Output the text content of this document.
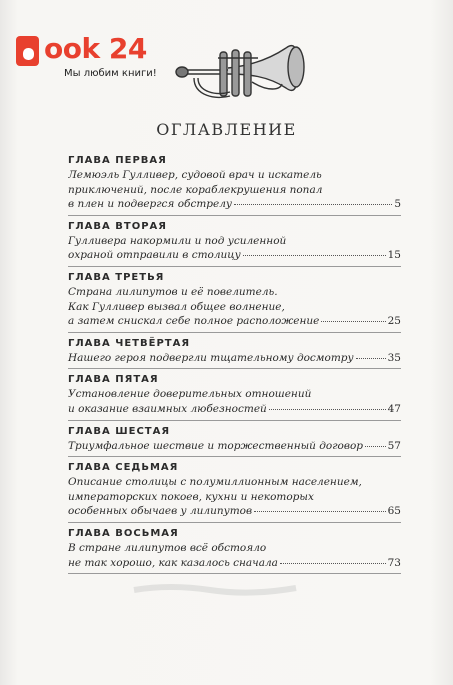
ook 24
Мы любим книги!
ОГЛАВЛЕНИЕ
ГЛАВА ПЕРВАЯ
Лемюэль Гулливер, судовой врач и искатель
приключений, после кораблекрушения попал
в плен и подвергся обстрелу	5
ГЛАВА ВТОРАЯ
Гулливера накормили и под усиленной
охраной отправили в столицу	15
ГЛАВА ТРЕТЬЯ
Страна лилипутов и её повелитель.
Как Гулливер вызвал общее волнение,
а затем снискал себе полное расположение	25
ГЛАВА ЧЕТВЁРТАЯ
Нашего героя подвергли тщательному досмотру	35
ГЛАВА ПЯТАЯ
Установление доверительных отношений
и оказание взаимных любезностей	47
ГЛАВА ШЕСТАЯ
Триумфальное шествие и торжественный договор 57
ГЛАВА СЕДЬМАЯ
Описание столицы с полумиллионным населением,
императорских покоев, кухни и некоторых
особенных обычаев у лилипутов	65
ГЛАВА ВОСЬМАЯ
В стране лилипутов всё обстояло
не так хорошо, как казалось сначала	73
